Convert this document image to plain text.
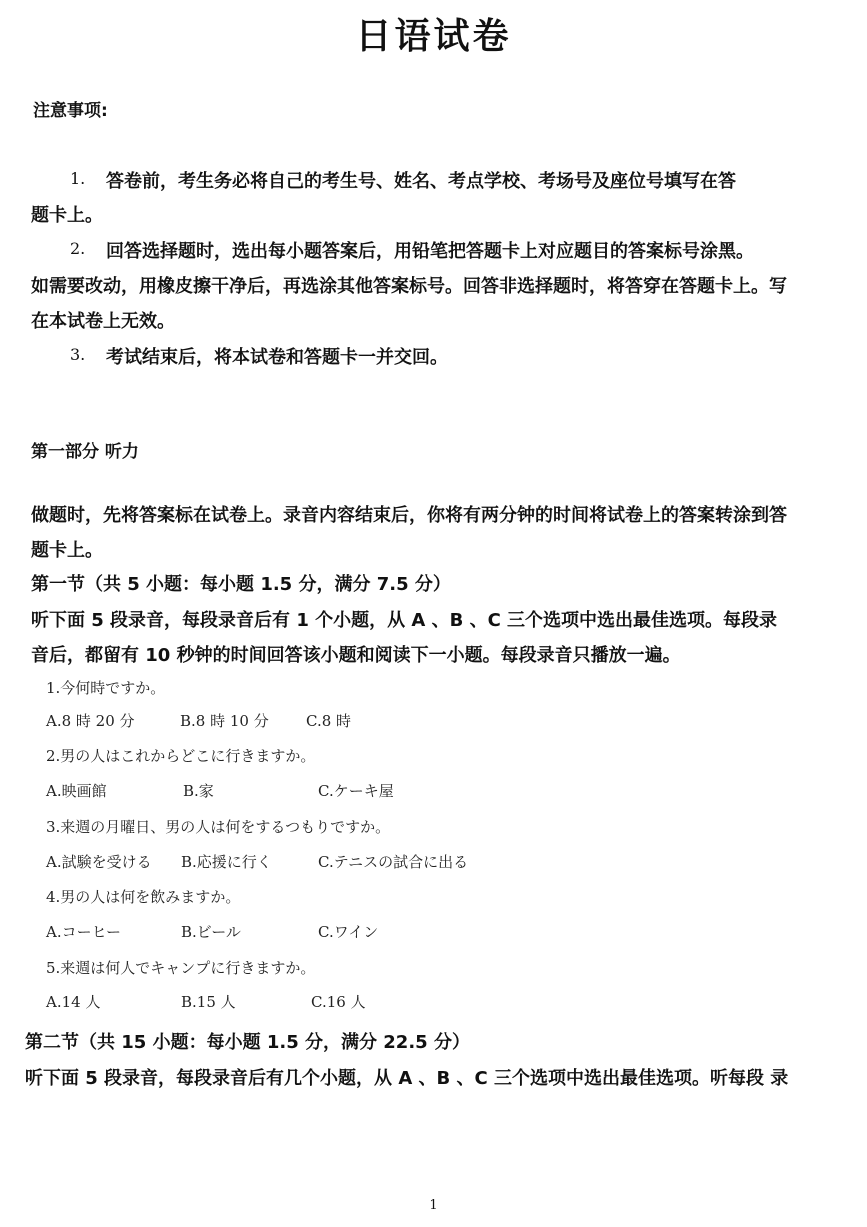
日语试卷
注意事项:
1. 答卷前，考生务必将自己的考生号、姓名、考点学校、考场号及座位号填写在答
题卡上。
2. 回答选择题时，选出每小题答案后，用铅笔把答题卡上对应题目的答案标号涂黑。
如需要改动，用橡皮擦干净后，再选涂其他答案标号。回答非选择题时，将答穿在答题卡上。写
在本试卷上无效。
3. 考试结束后，将本试卷和答题卡一并交回。
第一部分 听力
做题时，先将答案标在试卷上。录音内容结束后，你将有两分钟的时间将试卷上的答案转涂到答
题卡上。
第一节（共 5 小题：每小题 1.5 分，满分 7.5 分）
听下面 5 段录音，每段录音后有 1 个小题，从 A 、B 、C 三个选项中选出最佳选项。每段录
音后，都留有 10 秒钟的时间回答该小题和阅读下一小题。每段录音只播放一遍。
1.今何時ですか。
A.8 時 20 分	B.8 時 10 分 C.8 時
2.男の人はこれからどこに行きますか。
A.映画館	B.家	C.ケーキ屋
3.来週の月曜日、男の人は何をするつもりですか。
A.試験を受ける B.応援に行く	C.テニスの試合に出る
4.男の人は何を飲みますか。
A.コーヒー	B.ビール	C.ワイン
5.来週は何人でキャンプに行きますか。
A.14 人	B.15 人	C.16 人
第二节（共 15 小题：每小题 1.5 分，满分 22.5 分）
听下面 5 段录音，每段录音后有几个小题，从 A 、B 、C 三个选项中选出最佳选项。听每段 录
1
